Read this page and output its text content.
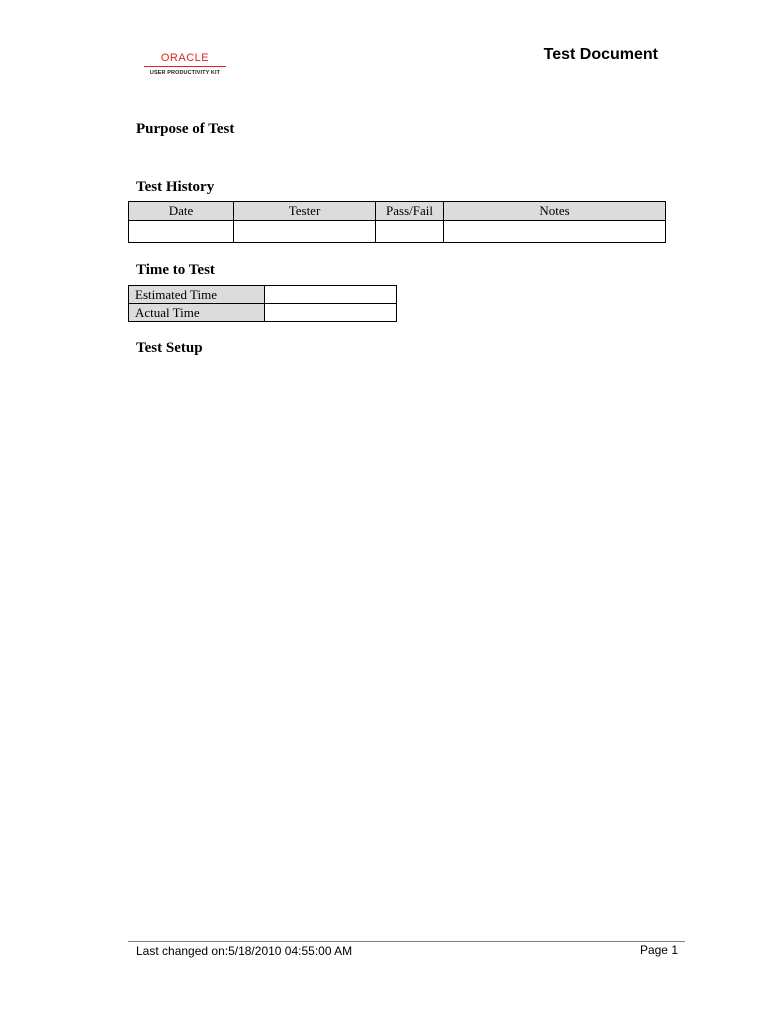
ORACLE
USER PRODUCTIVITY KIT
Test Document
Purpose of Test
Test History
Date	Tester	Pass/Fail	Notes

Time to Test
Estimated Time	
Actual Time	
Test Setup
Last changed on:5/18/2010 04:55:00 AM	Page 1
